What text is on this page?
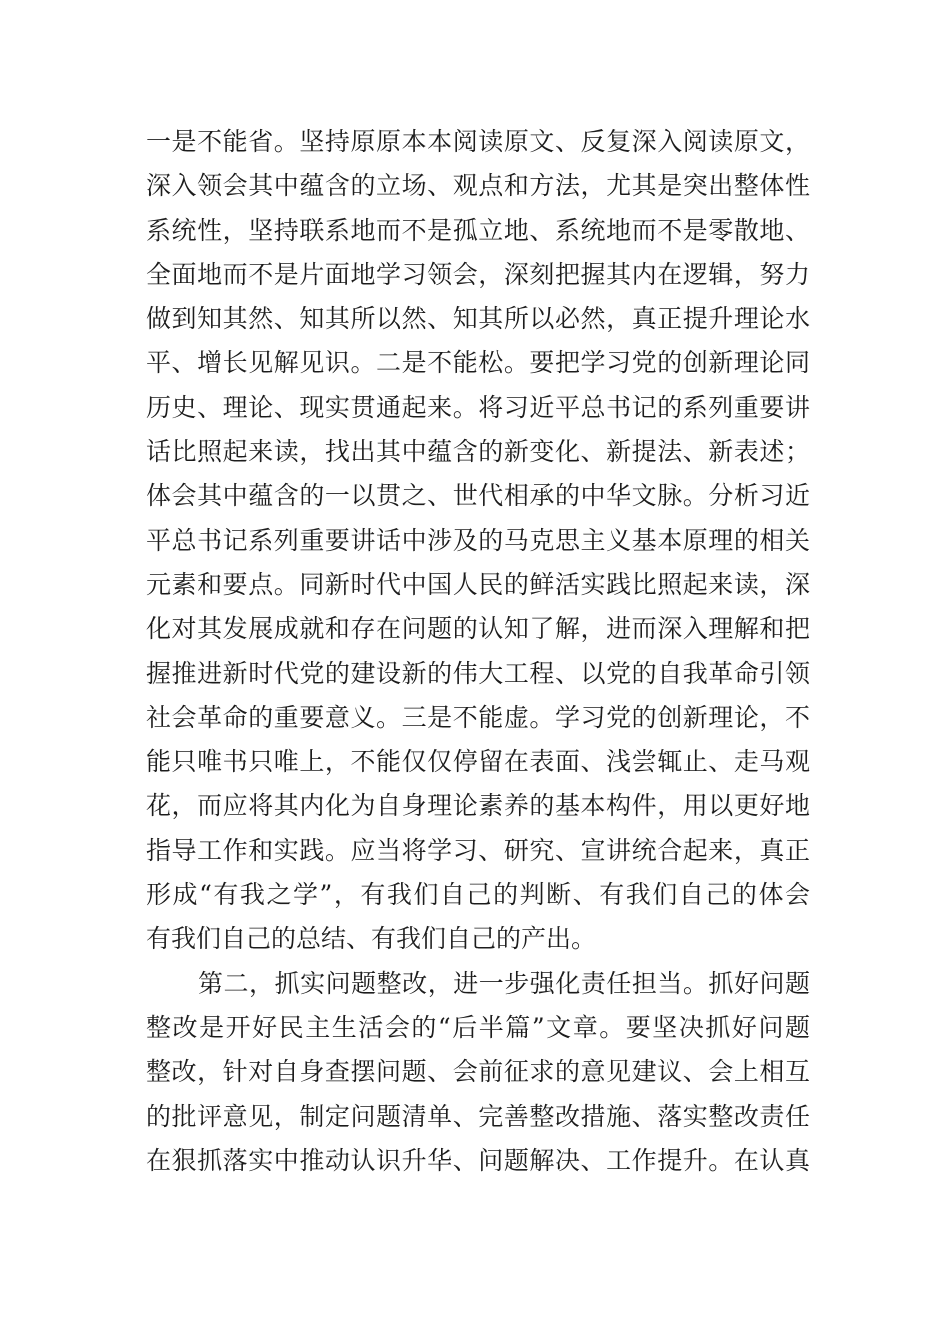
一是不能省。坚持原原本本阅读原文、反复深入阅读原文，
深入领会其中蕴含的立场、观点和方法，尤其是突出整体性
系统性，坚持联系地而不是孤立地、系统地而不是零散地、
全面地而不是片面地学习领会，深刻把握其内在逻辑，努力
做到知其然、知其所以然、知其所以必然，真正提升理论水
平、增长见解见识。二是不能松。要把学习党的创新理论同
历史、理论、现实贯通起来。将习近平总书记的系列重要讲
话比照起来读，找出其中蕴含的新变化、新提法、新表述；
体会其中蕴含的一以贯之、世代相承的中华文脉。分析习近
平总书记系列重要讲话中涉及的马克思主义基本原理的相关
元素和要点。同新时代中国人民的鲜活实践比照起来读，深
化对其发展成就和存在问题的认知了解，进而深入理解和把
握推进新时代党的建设新的伟大工程、以党的自我革命引领
社会革命的重要意义。三是不能虚。学习党的创新理论，不
能只唯书只唯上，不能仅仅停留在表面、浅尝辄止、走马观
花，而应将其内化为自身理论素养的基本构件，用以更好地
指导工作和实践。应当将学习、研究、宣讲统合起来，真正
形成“有我之学”，有我们自己的判断、有我们自己的体会
有我们自己的总结、有我们自己的产出。
第二，抓实问题整改，进一步强化责任担当。抓好问题
整改是开好民主生活会的“后半篇”文章。要坚决抓好问题
整改，针对自身查摆问题、会前征求的意见建议、会上相互
的批评意见，制定问题清单、完善整改措施、落实整改责任
在狠抓落实中推动认识升华、问题解决、工作提升。在认真
